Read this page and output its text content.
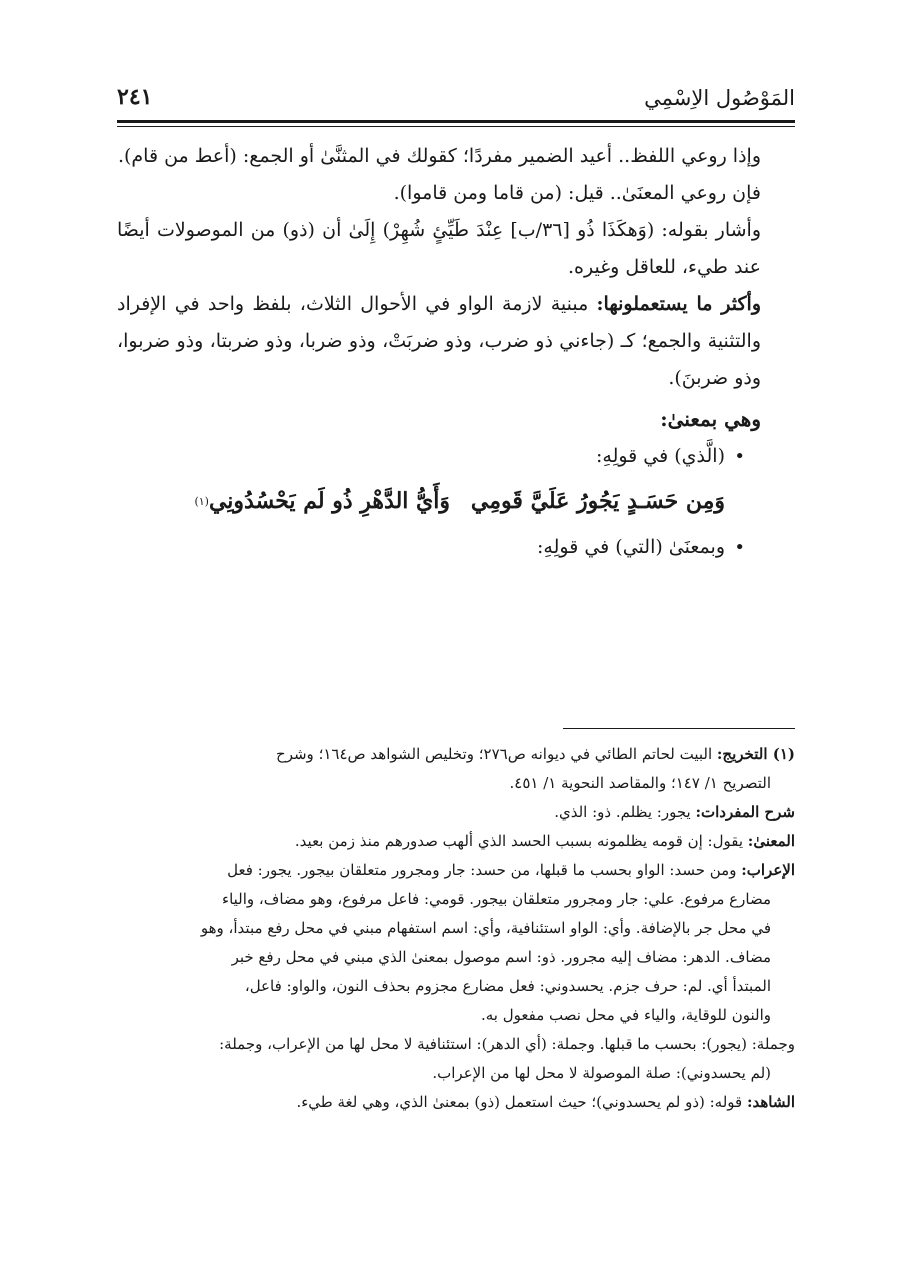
المَوْصُول الاِسْمِي
٢٤١

وإذا روعي اللفظ.. أعيد الضمير مفردًا؛ كقولك في المثنَّىٰ أو الجمع: (أعط من قام).

فإن روعي المعنَىٰ.. قيل: (من قاما ومن قاموا).

وأشار بقوله: (وَهكَذَا ذُو [٣٦/ب] عِنْدَ طَيِّئٍ شُهِرْ) إِلَىٰ أن (ذو) من الموصولات أيضًا عند طيء، للعاقل وغيره.

وأكثر ما يستعملونها: مبنية لازمة الواو في الأحوال الثلاث، بلفظ واحد في الإفراد والتثنية والجمع؛ كـ (جاءني ذو ضرب، وذو ضربَتْ، وذو ضربا، وذو ضربتا، وذو ضربوا، وذو ضربنَ).

وهي بمعنىٰ:

•
(الَّذي) في قولِهِ:

وَمِن حَسَـدٍ يَجُورُ عَلَيَّ قَومِي
وَأَيُّ الدَّهْرِ ذُو لَم يَحْسُدُونِي$^{(١)}$

•
وبمعنَىٰ (التي) في قولِهِ:

(١) التخريج: البيت لحاتم الطائي في ديوانه ص٢٧٦؛ وتخليص الشواهد ص١٦٤؛ وشرح

التصريح ١/ ١٤٧؛ والمقاصد النحوية ١/ ٤٥١.

شرح المفردات: يجور: يظلم. ذو: الذي.

المعنىٰ: يقول: إن قومه يظلمونه بسبب الحسد الذي ألهب صدورهم منذ زمن بعيد.

الإعراب: ومن حسد: الواو بحسب ما قبلها، من حسد: جار ومجرور متعلقان بيجور. يجور: فعل

مضارع مرفوع. علي: جار ومجرور متعلقان بيجور. قومي: فاعل مرفوع، وهو مضاف، والياء

في محل جر بالإضافة. وأي: الواو استئنافية، وأي: اسم استفهام مبني في محل رفع مبتدأ، وهو

مضاف. الدهر: مضاف إليه مجرور. ذو: اسم موصول بمعنىٰ الذي مبني في محل رفع خبر

المبتدأ أي. لم: حرف جزم. يحسدوني: فعل مضارع مجزوم بحذف النون، والواو: فاعل،

والنون للوقاية، والياء في محل نصب مفعول به.

وجملة: (يجور): بحسب ما قبلها. وجملة: (أي الدهر): استئنافية لا محل لها من الإعراب، وجملة:

(لم يحسدوني): صلة الموصولة لا محل لها من الإعراب.

الشاهد: قوله: (ذو لم يحسدوني)؛ حيث استعمل (ذو) بمعنىٰ الذي، وهي لغة طيء.
